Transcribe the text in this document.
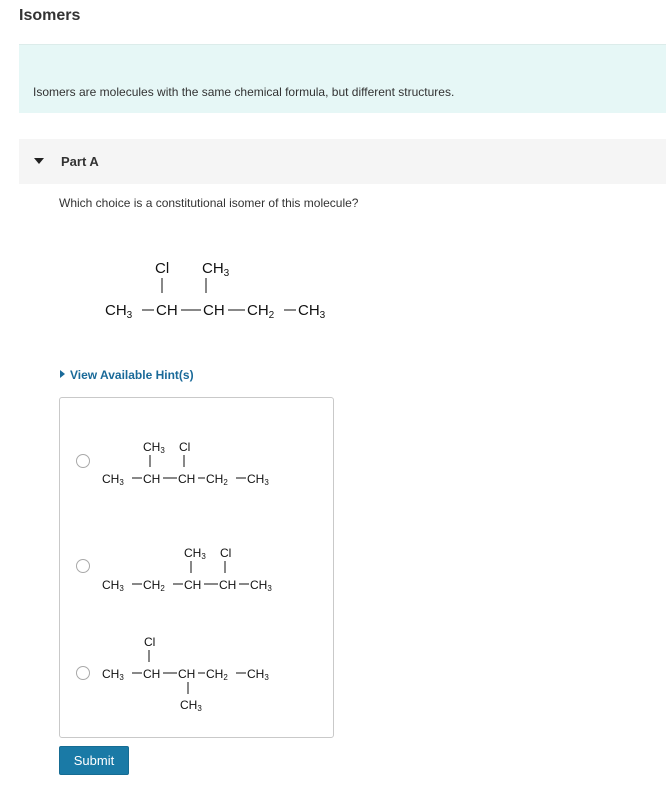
Isomers
Isomers are molecules with the same chemical formula, but different structures.
Part A
Which choice is a constitutional isomer of this molecule?
Cl $CH_3$
$CH_3$ CH CH $CH_2$ $CH_3$
View Available Hint(s)
CH3 Cl
CH3 CH CH CH2 CH3
CH3 Cl
CH3 CH2 CH CH CH3
Cl
CH3 CH CH CH2 CH3
CH3
Submit
